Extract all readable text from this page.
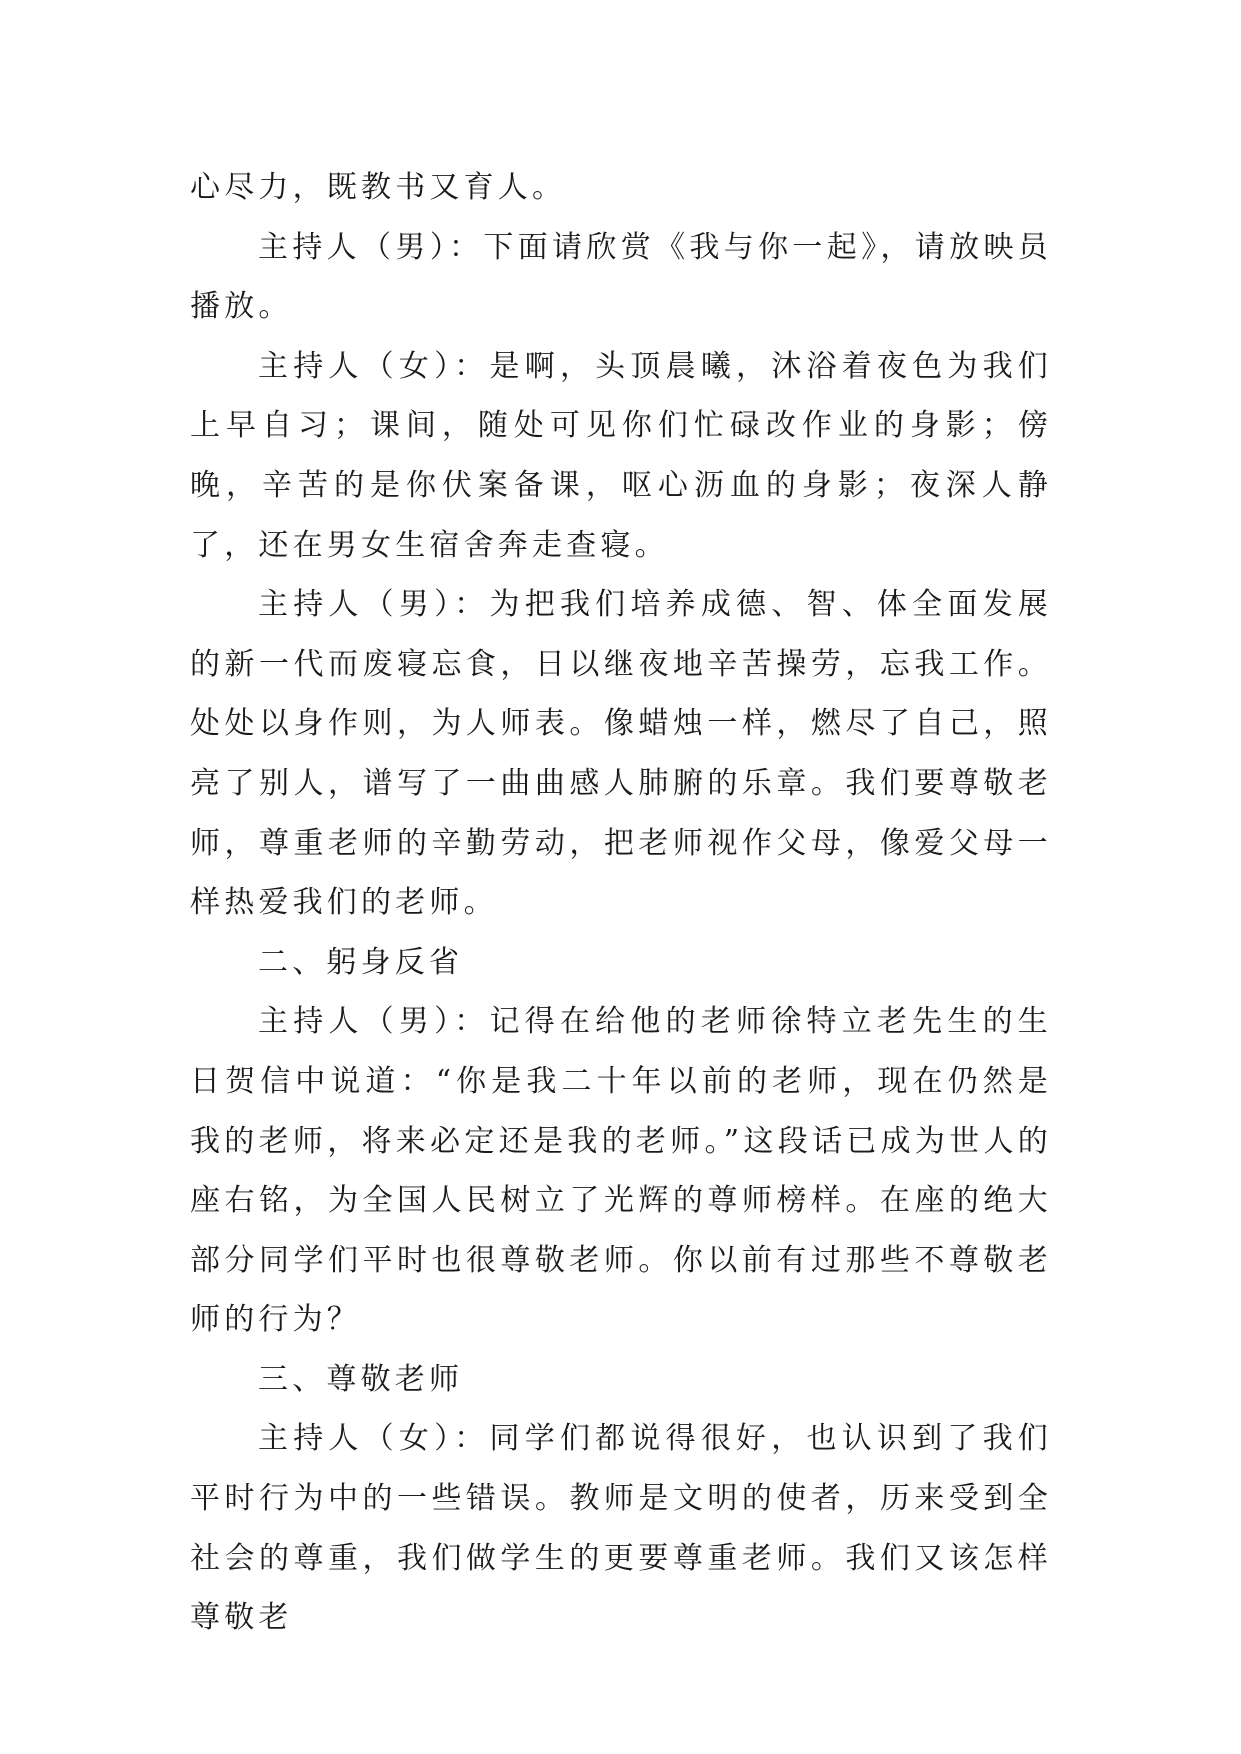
心尽力，既教书又育人。

主持人（男）：下面请欣赏《我与你一起》，请放映员播放。

主持人（女）：是啊，头顶晨曦，沐浴着夜色为我们上早自习；课间，随处可见你们忙碌改作业的身影；傍晚，辛苦的是你伏案备课，呕心沥血的身影；夜深人静了，还在男女生宿舍奔走查寝。

主持人（男）：为把我们培养成德、智、体全面发展的新一代而废寝忘食，日以继夜地辛苦操劳，忘我工作。处处以身作则，为人师表。像蜡烛一样，燃尽了自己，照亮了别人，谱写了一曲曲感人肺腑的乐章。我们要尊敬老师，尊重老师的辛勤劳动，把老师视作父母，像爱父母一样热爱我们的老师。

二、躬身反省

主持人（男）：记得在给他的老师徐特立老先生的生日贺信中说道：“你是我二十年以前的老师，现在仍然是我的老师，将来必定还是我的老师。”这段话已成为世人的座右铭，为全国人民树立了光辉的尊师榜样。在座的绝大部分同学们平时也很尊敬老师。你以前有过那些不尊敬老师的行为？

三、尊敬老师

主持人（女）：同学们都说得很好，也认识到了我们平时行为中的一些错误。教师是文明的使者，历来受到全社会的尊重，我们做学生的更要尊重老师。我们又该怎样尊敬老
